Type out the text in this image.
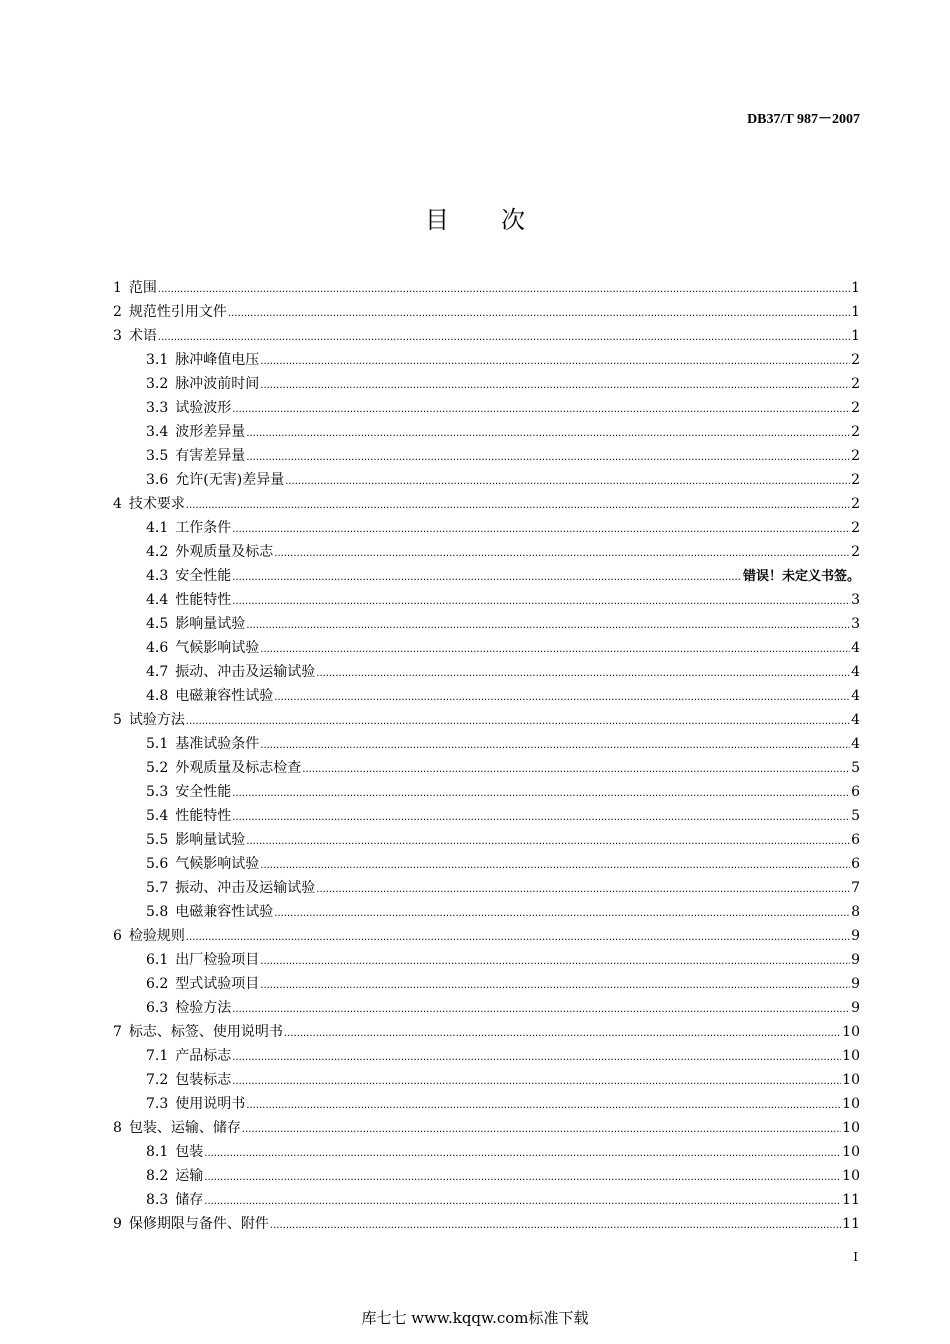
DB37/T 987－2007
目次
1 范围 .....	1
2 规范性引用文件 .....	1
3 术语 .....	1
3.1 脉冲峰值电压 .....	2
3.2 脉冲波前时间 .....	2
3.3 试验波形 .....	2
3.4 波形差异量 .....	2
3.5 有害差异量 .....	2
3.6 允许(无害)差异量 .....	2
4 技术要求 .....	2
4.1 工作条件 .....	2
4.2 外观质量及标志 .....	2
4.3 安全性能 .....	错误！未定义书签。
4.4 性能特性 .....	3
4.5 影响量试验 .....	3
4.6 气候影响试验 .....	4
4.7 振动、冲击及运输试验 .....	4
4.8 电磁兼容性试验 .....	4
5 试验方法 .....	4
5.1 基准试验条件 .....	4
5.2 外观质量及标志检查 .....	5
5.3 安全性能 .....	6
5.4 性能特性 .....	5
5.5 影响量试验 .....	6
5.6 气候影响试验 .....	6
5.7 振动、冲击及运输试验 .....	7
5.8 电磁兼容性试验 .....	8
6 检验规则 .....	9
6.1 出厂检验项目 .....	9
6.2 型式试验项目 .....	9
6.3 检验方法 .....	9
7 标志、标签、使用说明书 .....	10
7.1 产品标志 .....	10
7.2 包装标志 .....	10
7.3 使用说明书 .....	10
8 包装、运输、储存 .....	10
8.1 包装 .....	10
8.2 运输 .....	10
8.3 储存 .....	11
9 保修期限与备件、附件 .....	11
I
库七七 www.kqqw.com标准下载
